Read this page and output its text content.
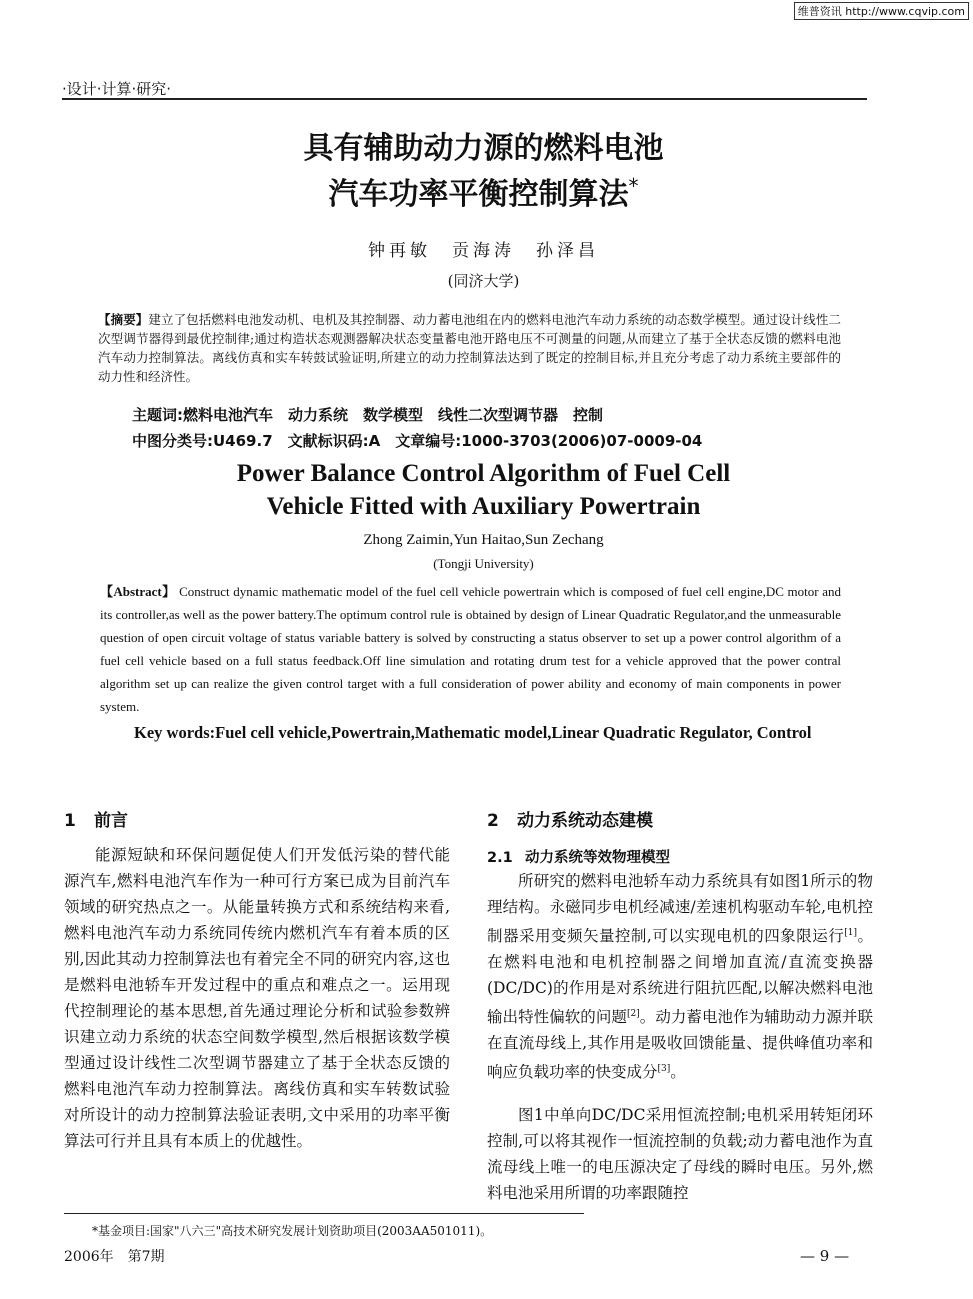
维普资讯 http://www.cqvip.com
·设计·计算·研究·
具有辅助动力源的燃料电池
汽车功率平衡控制算法*
钟再敏　贡海涛　孙泽昌
(同济大学)
【摘要】建立了包括燃料电池发动机、电机及其控制器、动力蓄电池组在内的燃料电池汽车动力系统的动态数学模型。通过设计线性二次型调节器得到最优控制律;通过构造状态观测器解决状态变量蓄电池开路电压不可测量的问题,从而建立了基于全状态反馈的燃料电池汽车动力控制算法。离线仿真和实车转鼓试验证明,所建立的动力控制算法达到了既定的控制目标,并且充分考虑了动力系统主要部件的动力性和经济性。
主题词:燃料电池汽车　动力系统　数学模型　线性二次型调节器　控制
中图分类号:U469.7　文献标识码:A　文章编号:1000-3703(2006)07-0009-04
Power Balance Control Algorithm of Fuel Cell
Vehicle Fitted with Auxiliary Powertrain
Zhong Zaimin,Yun Haitao,Sun Zechang
(Tongji University)
【Abstract】 Construct dynamic mathematic model of the fuel cell vehicle powertrain which is composed of fuel cell engine,DC motor and its controller,as well as the power battery.The optimum control rule is obtained by design of Linear Quadratic Regulator,and the unmeasurable question of open circuit voltage of status variable battery is solved by constructing a status observer to set up a power control algorithm of a fuel cell vehicle based on a full status feedback.Off line simulation and rotating drum test for a vehicle approved that the power contral algorithm set up can realize the given control target with a full consideration of power ability and economy of main components in power system.
Key words:Fuel cell vehicle,Powertrain,Mathematic model,Linear Quadratic Regulator, Control
1 前言

能源短缺和环保问题促使人们开发低污染的替代能源汽车,燃料电池汽车作为一种可行方案已成为目前汽车领域的研究热点之一。从能量转换方式和系统结构来看,燃料电池汽车动力系统同传统内燃机汽车有着本质的区别,因此其动力控制算法也有着完全不同的研究内容,这也是燃料电池轿车开发过程中的重点和难点之一。运用现代控制理论的基本思想,首先通过理论分析和试验参数辨识建立动力系统的状态空间数学模型,然后根据该数学模型通过设计线性二次型调节器建立了基于全状态反馈的燃料电池汽车动力控制算法。离线仿真和实车转数试验对所设计的动力控制算法验证表明,文中采用的功率平衡算法可行并且具有本质上的优越性。

2 动力系统动态建模
2.1 动力系统等效物理模型

所研究的燃料电池轿车动力系统具有如图1所示的物理结构。永磁同步电机经减速/差速机构驱动车轮,电机控制器采用变频矢量控制,可以实现电机的四象限运行[1]。在燃料电池和电机控制器之间增加直流/直流变换器(DC/DC)的作用是对系统进行阻抗匹配,以解决燃料电池输出特性偏软的问题[2]。动力蓄电池作为辅助动力源并联在直流母线上,其作用是吸收回馈能量、提供峰值功率和响应负载功率的快变成分[3]。

图1中单向DC/DC采用恒流控制;电机采用转矩闭环控制,可以将其视作一恒流控制的负载;动力蓄电池作为直流母线上唯一的电压源决定了母线的瞬时电压。另外,燃料电池采用所谓的功率跟随控

*基金项目:国家"八六三"高技术研究发展计划资助项目(2003AA501011)。
2006年　第7期	— 9 —
